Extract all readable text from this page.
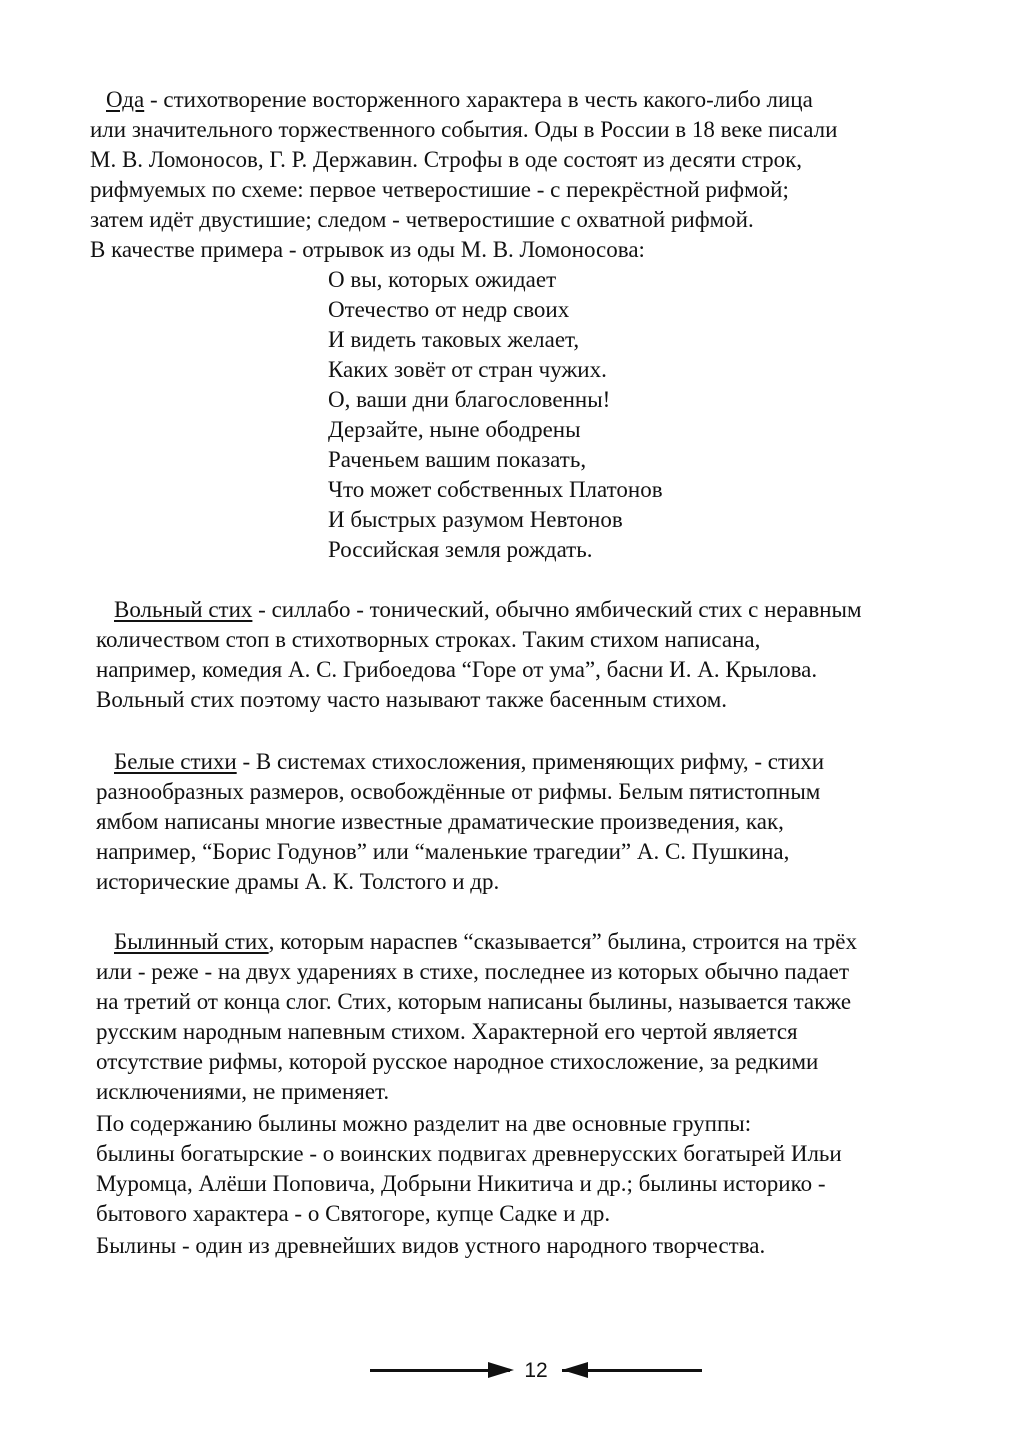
Ода - стихотворение восторженного характера в честь какого-либо лица
или значительного торжественного события. Оды в России в 18 веке писали
М. В. Ломоносов, Г. Р. Державин. Строфы в оде состоят из десяти строк,
рифмуемых по схеме: первое четверостишие - с перекрёстной рифмой;
затем идёт двустишие; следом - четверостишие с охватной рифмой.
В качестве примера - отрывок из оды М. В. Ломоносова:
О вы, которых ожидает
Отечество от недр своих
И видеть таковых желает,
Каких зовёт от стран чужих.
О, ваши дни благословенны!
Дерзайте, ныне ободрены
Раченьем вашим показать,
Что может собственных Платонов
И быстрых разумом Невтонов
Российская земля рождать.
Вольный стих - силлабо - тонический, обычно ямбический стих с неравным
количеством стоп в стихотворных строках. Таким стихом написана,
например, комедия А. С. Грибоедова “Горе от ума”, басни И. А. Крылова.
Вольный стих поэтому часто называют также басенным стихом.
Белые стихи - В системах стихосложения, применяющих рифму, - стихи
разнообразных размеров, освобождённые от рифмы. Белым пятистопным
ямбом написаны многие известные драматические произведения, как,
например, “Борис Годунов” или “маленькие трагедии” А. С. Пушкина,
исторические драмы А. К. Толстого и др.
Былинный стих, которым нараспев “сказывается” былина, строится на трёх
или - реже - на двух ударениях в стихе, последнее из которых обычно падает
на третий от конца слог. Стих, которым написаны былины, называется также
русским народным напевным стихом. Характерной его чертой является
отсутствие рифмы, которой русское народное стихосложение, за редкими
исключениями, не применяет.
По содержанию былины можно разделит на две основные группы:
былины богатырские - о воинских подвигах древнерусских богатырей Ильи
Муромца, Алёши Поповича, Добрыни Никитича и др.; былины историко -
бытового характера - о Святогоре, купце Садке и др.
Былины - один из древнейших видов устного народного творчества.
12
